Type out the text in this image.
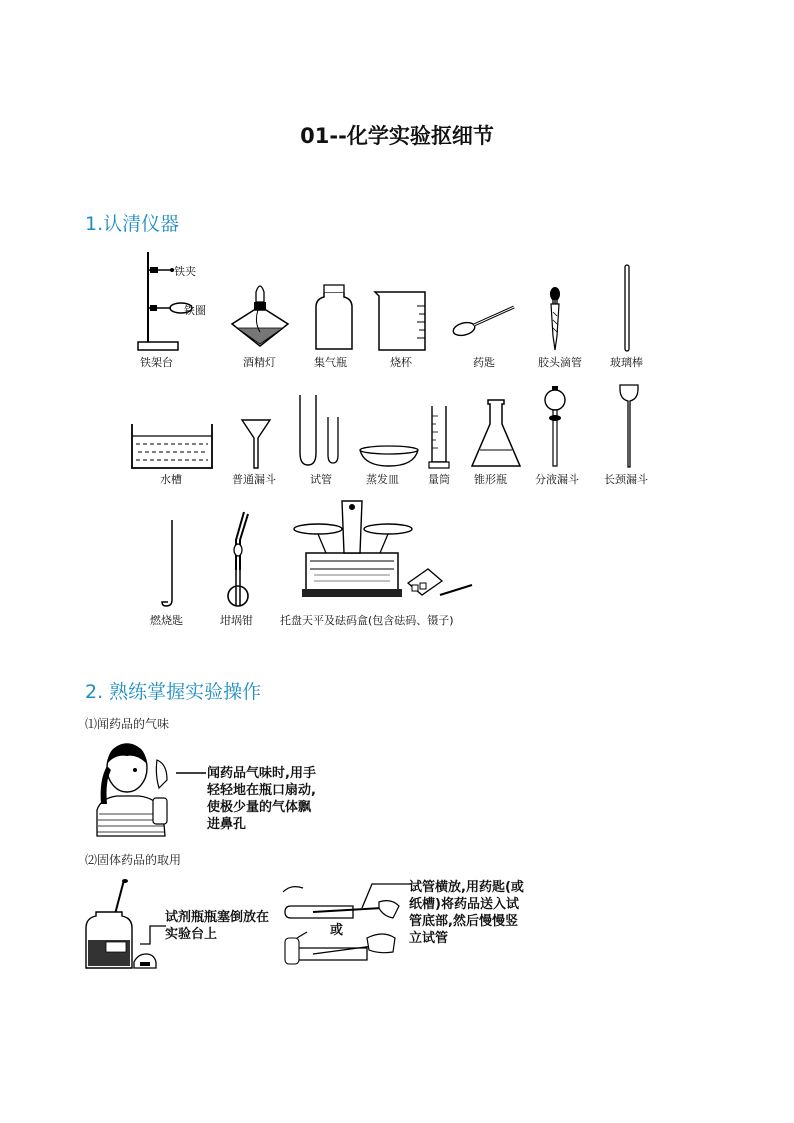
01--化学实验抠细节
1.认清仪器
铁夹
铁圈
铁架台	酒精灯	集气瓶	烧杯	药匙	胶头滴管	玻璃棒
水槽	普通漏斗	试管	蒸发皿	量筒 锥形瓶	分液漏斗 长颈漏斗
燃烧匙	坩埚钳 托盘天平及砝码盒(包含砝码、镊子)
2. 熟练掌握实验操作
⑴闻药品的气味
闻药品气味时,用手
轻轻地在瓶口扇动,
使极少量的气体飘
进鼻孔
⑵固体药品的取用
试剂瓶瓶塞倒放在
实验台上	或
试管横放,用药匙(或
纸槽)将药品送入试
管底部,然后慢慢竖
立试管
